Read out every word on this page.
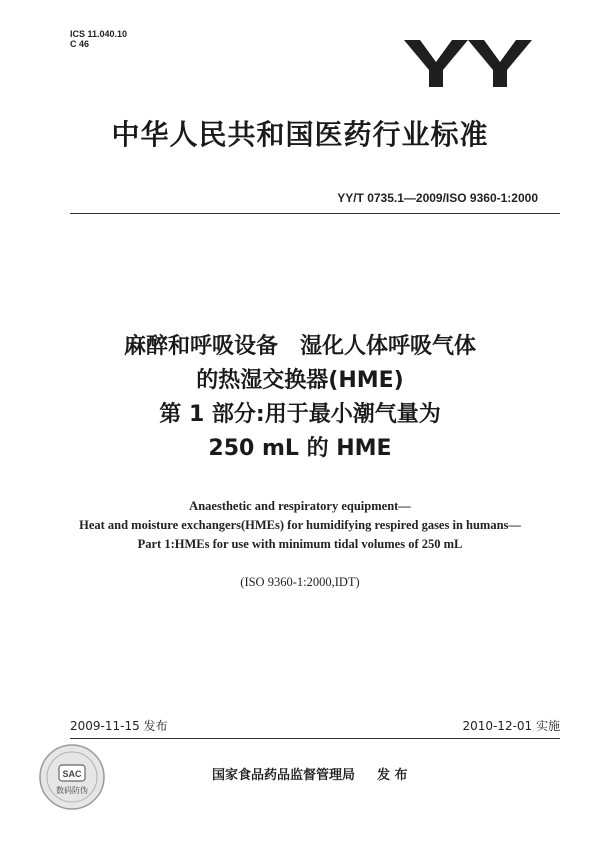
ICS 11.040.10
C 46
中华人民共和国医药行业标准
YY/T 0735.1—2009/ISO 9360-1:2000
麻醉和呼吸设备　湿化人体呼吸气体
的热湿交换器(HME)
第 1 部分:用于最小潮气量为
250 mL 的 HME
Anaesthetic and respiratory equipment—
Heat and moisture exchangers(HMEs) for humidifying respired gases in humans—
Part 1:HMEs for use with minimum tidal volumes of 250 mL
(ISO 9360-1:2000,IDT)
2009-11-15 发布	2010-12-01 实施
SAC
数码防伪
国家食品药品监督管理局 发 布
